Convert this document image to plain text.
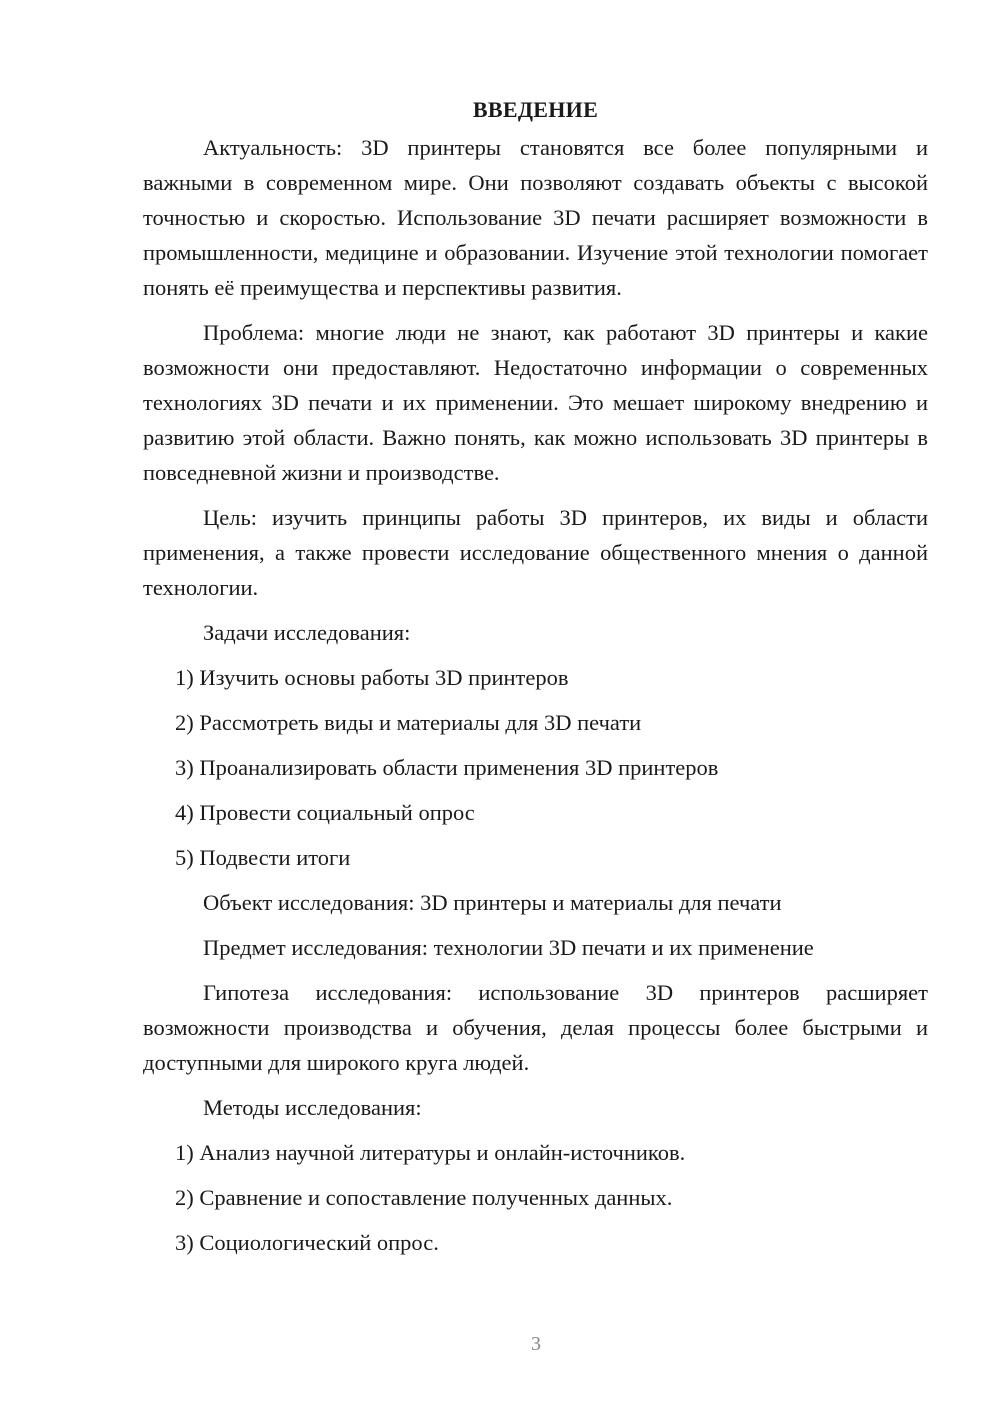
ВВЕДЕНИЕ

Актуальность: 3D принтеры становятся все более популярными и важными в современном мире. Они позволяют создавать объекты с высокой точностью и скоростью. Использование 3D печати расширяет возможности в промышленности, медицине и образовании. Изучение этой технологии помогает понять её преимущества и перспективы развития.

Проблема: многие люди не знают, как работают 3D принтеры и какие возможности они предоставляют. Недостаточно информации о современных технологиях 3D печати и их применении. Это мешает широкому внедрению и развитию этой области. Важно понять, как можно использовать 3D принтеры в повседневной жизни и производстве.

Цель: изучить принципы работы 3D принтеров, их виды и области применения, а также провести исследование общественного мнения о данной технологии.

Задачи исследования:
1) Изучить основы работы 3D принтеров
2) Рассмотреть виды и материалы для 3D печати
3) Проанализировать области применения 3D принтеров
4) Провести социальный опрос
5) Подвести итоги
Объект исследования: 3D принтеры и материалы для печати
Предмет исследования: технологии 3D печати и их применение

Гипотеза исследования: использование 3D принтеров расширяет возможности производства и обучения, делая процессы более быстрыми и доступными для широкого круга людей.

Методы исследования:
1) Анализ научной литературы и онлайн-источников.
2) Сравнение и сопоставление полученных данных.
3) Социологический опрос.
3
